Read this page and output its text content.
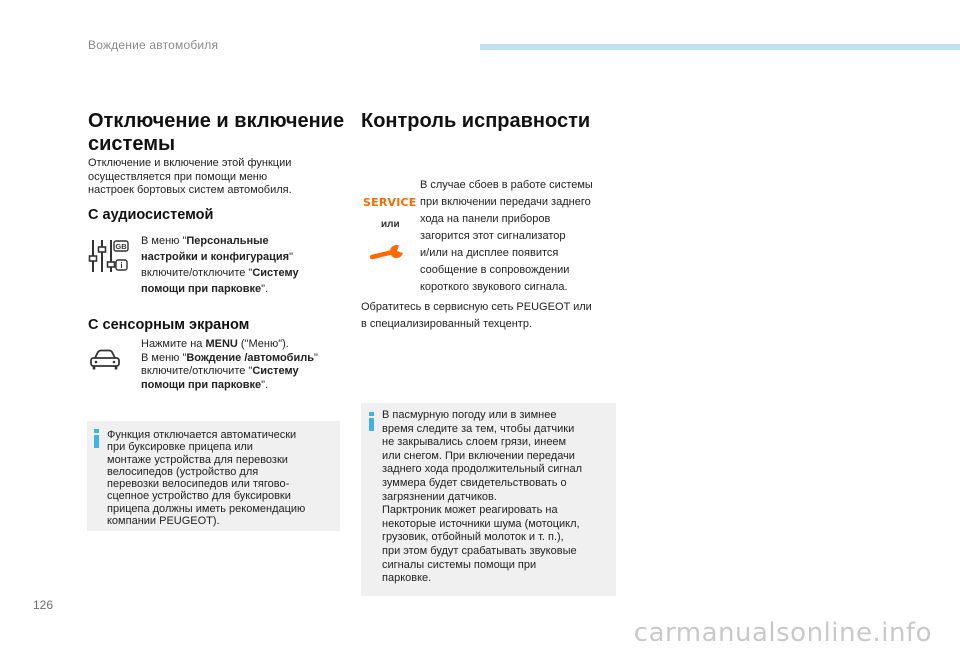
Вождение автомобиля
Отключение и включение
системы

Отключение и включение этой функции
осуществляется при помощи меню
настроек бортовых систем автомобиля.

С аудиосистемой
GB
i

В меню "Персональные
настройки и конфигурация"
включите/отключите "Систему
помощи при парковке".

С сенсорным экраном

Нажмите на MENU ("Меню").
В меню "Вождение /автомобиль"
включите/отключите "Систему
помощи при парковке".

Функция отключается автоматически
при буксировке прицепа или
монтаже устройства для перевозки
велосипедов (устройство для
перевозки велосипедов или тягово-
сцепное устройство для буксировки
прицепа должны иметь рекомендацию
компании PEUGEOT).
Контроль исправности
SERVICE
или

В случае сбоев в работе системы
при включении передачи заднего
хода на панели приборов
загорится этот сигнализатор
и/или на дисплее появится
сообщение в сопровождении
короткого звукового сигнала.

Обратитесь в сервисную сеть PEUGEOT или
в специализированный техцентр.

В пасмурную погоду или в зимнее
время следите за тем, чтобы датчики
не закрывались слоем грязи, инеем
или снегом. При включении передачи
заднего хода продолжительный сигнал
зуммера будет свидетельствовать о
загрязнении датчиков.
Парктроник может реагировать на
некоторые источники шума (мотоцикл,
грузовик, отбойный молоток и т. п.),
при этом будут срабатывать звуковые
сигналы системы помощи при
парковке.
126
carmanualsonline.info
